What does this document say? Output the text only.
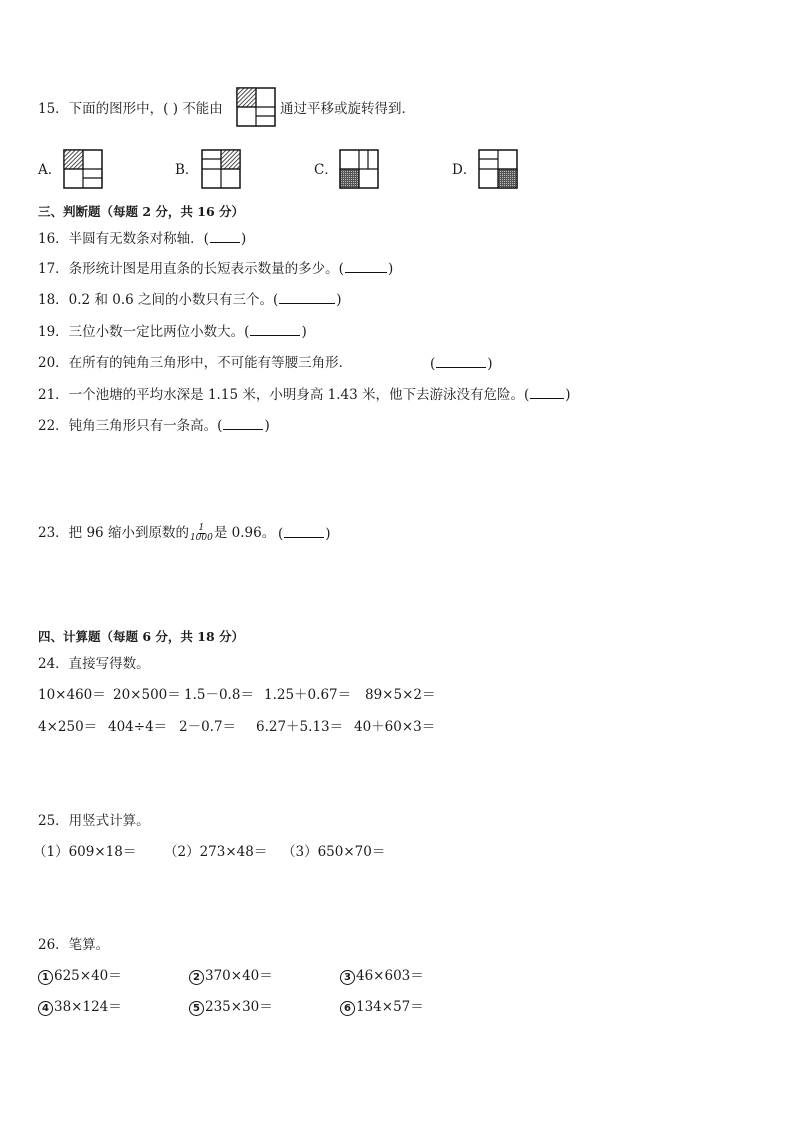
15．下面的图形中，( ) 不能由	通过平移或旋转得到．
A．	B．	C．	D．
三、判断题（每题 2 分，共 16 分）
16．半圆有无数条对称轴．( )
17．条形统计图是用直条的长短表示数量的多少。(	)
18．0.2 和 0.6 之间的小数只有三个。(	)
19．三位小数一定比两位小数大。(	)
20．在所有的钝角三角形中，不可能有等腰三角形．	(	)
21．一个池塘的平均水深是 1.15 米，小明身高 1.43 米，他下去游泳没有危险。(	)
22．钝角三角形只有一条高。(	)
23．把 96 缩小到原数的 $\frac{1}{1000}$ 是 0.96。 (	)
四、计算题（每题 6 分，共 18 分）
24．直接写得数。
10×460＝ 20×500＝ 1.5－0.8＝ 1.25＋0.67＝ 89×5×2＝
4×250＝ 404÷4＝ 2－0.7＝ 6.27＋5.13＝ 40＋60×3＝
25．用竖式计算。
（1）609×18＝ （2）273×48＝ （3）650×70＝
26．笔算。
1 625×40＝	2 370×40＝	3 46×603＝
4 38×124＝	5 235×30＝	6 134×57＝
